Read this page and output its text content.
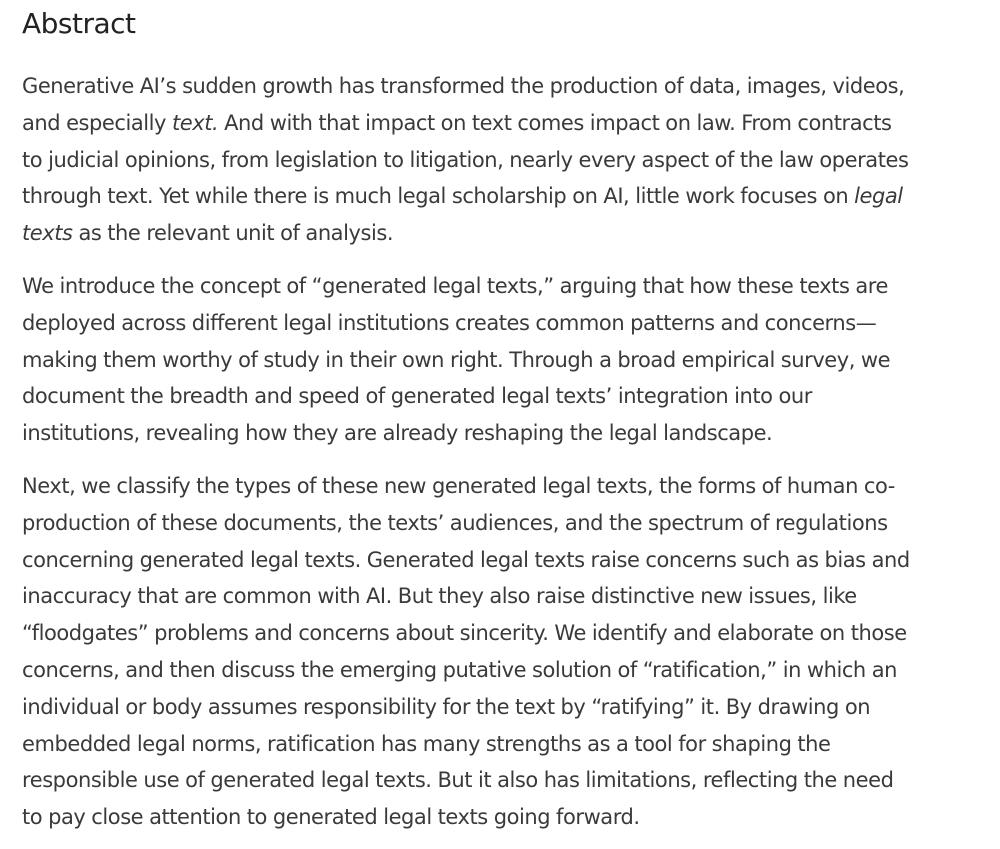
Abstract

Generative AI’s sudden growth has transformed the production of data, images, videos,
and especially text. And with that impact on text comes impact on law. From contracts
to judicial opinions, from legislation to litigation, nearly every aspect of the law operates
through text. Yet while there is much legal scholarship on AI, little work focuses on legal
texts as the relevant unit of analysis.

We introduce the concept of “generated legal texts,” arguing that how these texts are
deployed across different legal institutions creates common patterns and concerns—
making them worthy of study in their own right. Through a broad empirical survey, we
document the breadth and speed of generated legal texts’ integration into our
institutions, revealing how they are already reshaping the legal landscape.

Next, we classify the types of these new generated legal texts, the forms of human co-
production of these documents, the texts’ audiences, and the spectrum of regulations
concerning generated legal texts. Generated legal texts raise concerns such as bias and
inaccuracy that are common with AI. But they also raise distinctive new issues, like
“floodgates” problems and concerns about sincerity. We identify and elaborate on those
concerns, and then discuss the emerging putative solution of “ratification,” in which an
individual or body assumes responsibility for the text by “ratifying” it. By drawing on
embedded legal norms, ratification has many strengths as a tool for shaping the
responsible use of generated legal texts. But it also has limitations, reflecting the need
to pay close attention to generated legal texts going forward.
